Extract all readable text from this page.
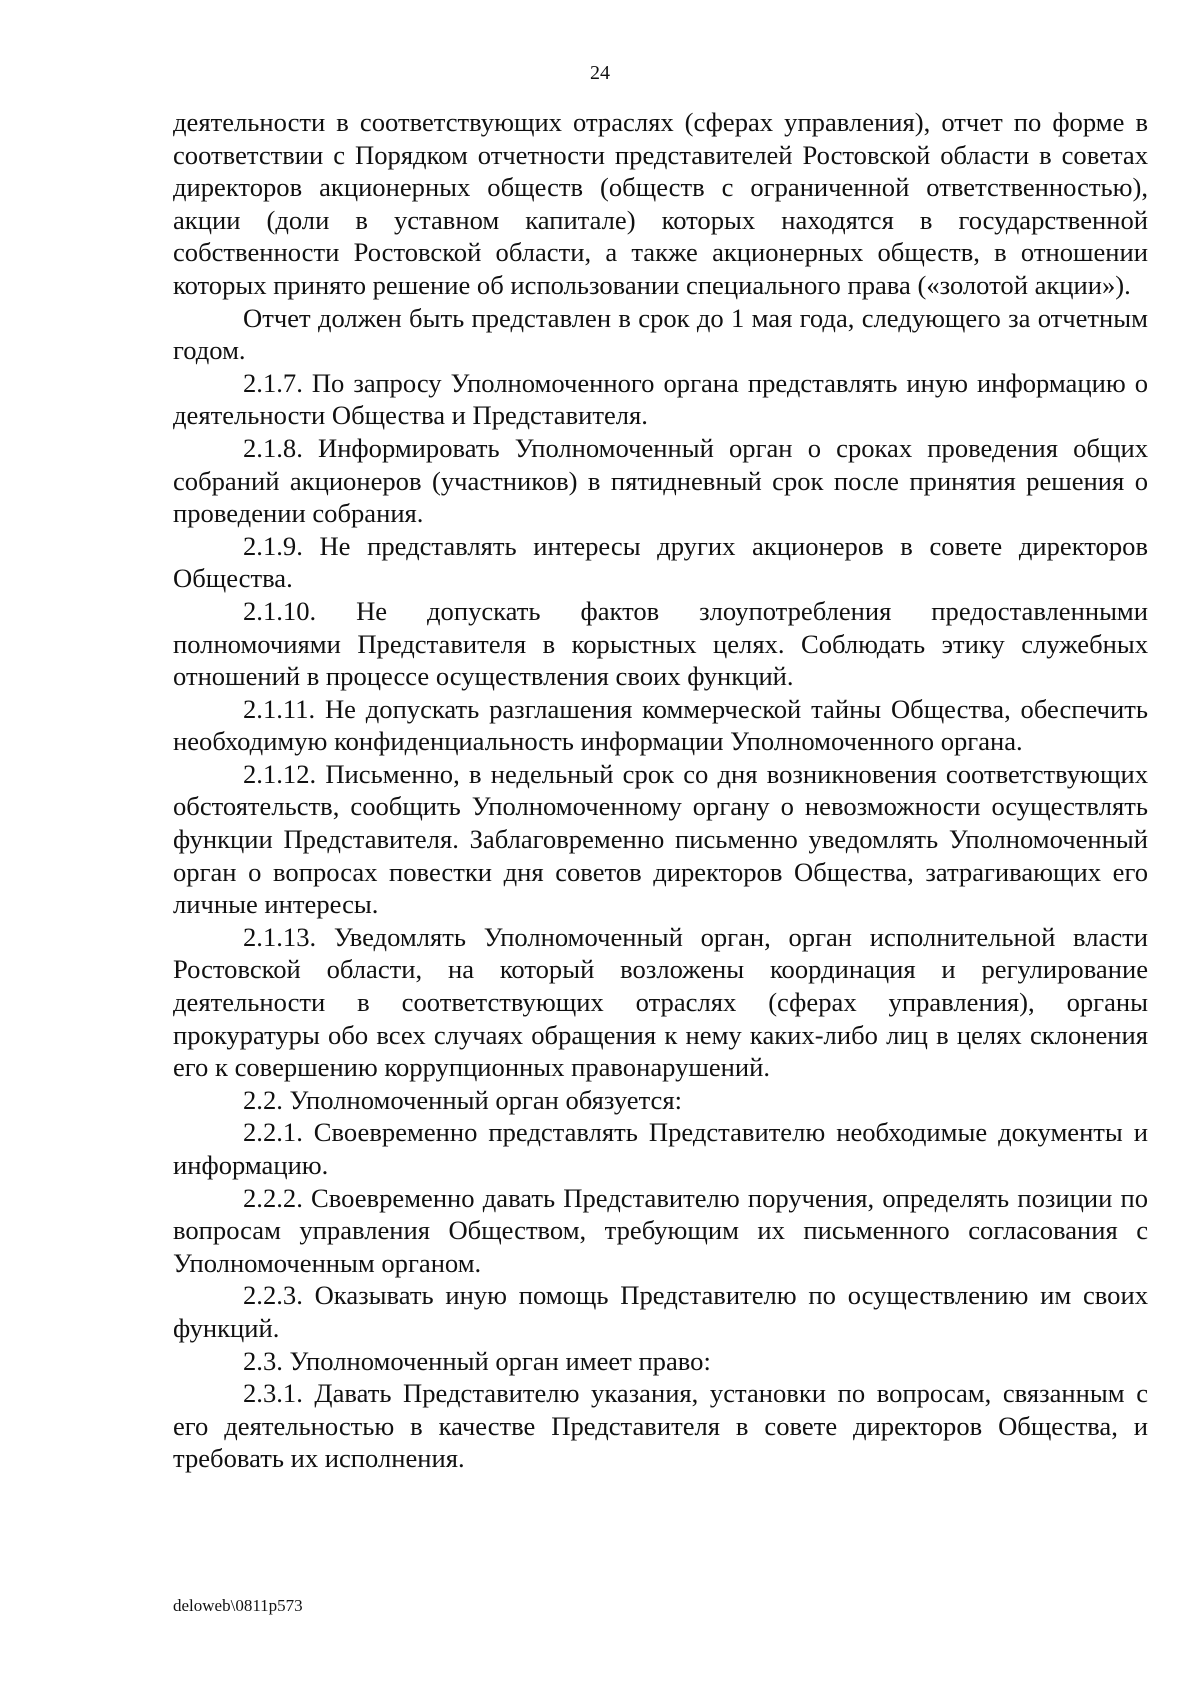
24

деятельности в соответствующих отраслях (сферах управления), отчет по форме в соответствии с Порядком отчетности представителей Ростовской области в советах директоров акционерных обществ (обществ с ограниченной ответственностью), акции (доли в уставном капитале) которых находятся в государственной собственности Ростовской области, а также акционерных обществ, в отношении которых принято решение об использовании специального права («золотой акции»).

Отчет должен быть представлен в срок до 1 мая года, следующего за отчетным годом.

2.1.7. По запросу Уполномоченного органа представлять иную информацию о деятельности Общества и Представителя.

2.1.8. Информировать Уполномоченный орган о сроках проведения общих собраний акционеров (участников) в пятидневный срок после принятия решения о проведении собрания.

2.1.9. Не представлять интересы других акционеров в совете директоров Общества.

2.1.10. Не допускать фактов злоупотребления предоставленными полномочиями Представителя в корыстных целях. Соблюдать этику служебных отношений в процессе осуществления своих функций.

2.1.11. Не допускать разглашения коммерческой тайны Общества, обеспечить необходимую конфиденциальность информации Уполномоченного органа.

2.1.12. Письменно, в недельный срок со дня возникновения соответствующих обстоятельств, сообщить Уполномоченному органу о невозможности осуществлять функции Представителя. Заблаговременно письменно уведомлять Уполномоченный орган о вопросах повестки дня советов директоров Общества, затрагивающих его личные интересы.

2.1.13. Уведомлять Уполномоченный орган, орган исполнительной власти Ростовской области, на который возложены координация и регулирование деятельности в соответствующих отраслях (сферах управления), органы прокуратуры обо всех случаях обращения к нему каких-либо лиц в целях склонения его к совершению коррупционных правонарушений.

2.2. Уполномоченный орган обязуется:

2.2.1. Своевременно представлять Представителю необходимые документы и информацию.

2.2.2. Своевременно давать Представителю поручения, определять позиции по вопросам управления Обществом, требующим их письменного согласования с Уполномоченным органом.

2.2.3. Оказывать иную помощь Представителю по осуществлению им своих функций.

2.3. Уполномоченный орган имеет право:

2.3.1. Давать Представителю указания, установки по вопросам, связанным с его деятельностью в качестве Представителя в совете директоров Общества, и требовать их исполнения.

deloweb\0811p573
